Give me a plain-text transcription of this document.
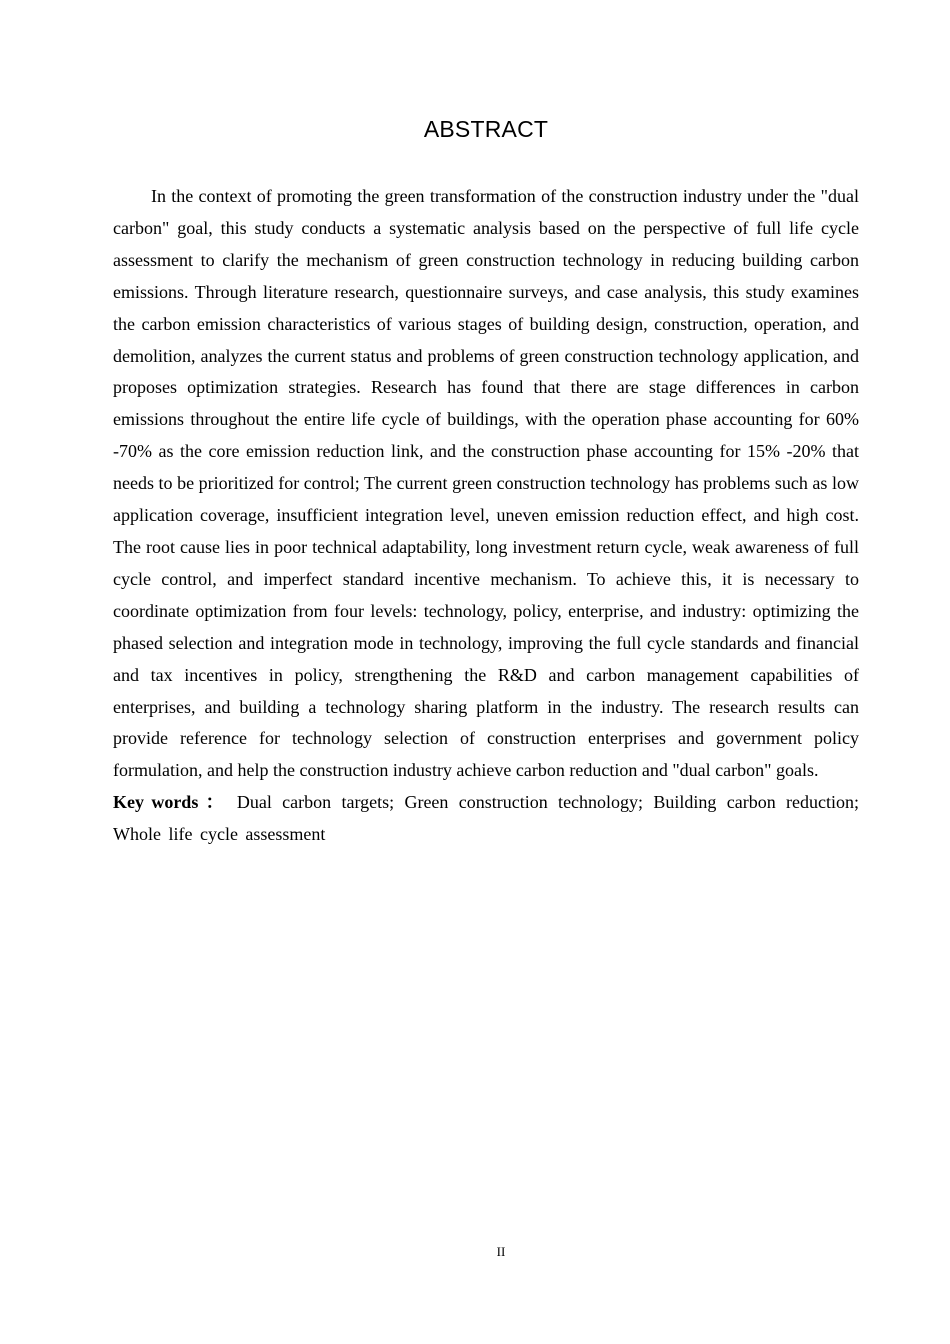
ABSTRACT

In the context of promoting the green transformation of the construction industry under the "dual carbon" goal, this study conducts a systematic analysis based on the perspective of full life cycle assessment to clarify the mechanism of green construction technology in reducing building carbon emissions. Through literature research, questionnaire surveys, and case analysis, this study examines the carbon emission characteristics of various stages of building design, construction, operation, and demolition, analyzes the current status and problems of green construction technology application, and proposes optimization strategies. Research has found that there are stage differences in carbon emissions throughout the entire life cycle of buildings, with the operation phase accounting for 60% -70% as the core emission reduction link, and the construction phase accounting for 15% -20% that needs to be prioritized for control; The current green construction technology has problems such as low application coverage, insufficient integration level, uneven emission reduction effect, and high cost. The root cause lies in poor technical adaptability, long investment return cycle, weak awareness of full cycle control, and imperfect standard incentive mechanism. To achieve this, it is necessary to coordinate optimization from four levels: technology, policy, enterprise, and industry: optimizing the phased selection and integration mode in technology, improving the full cycle standards and financial and tax incentives in policy, strengthening the R&D and carbon management capabilities of enterprises, and building a technology sharing platform in the industry. The research results can provide reference for technology selection of construction enterprises and government policy formulation, and help the construction industry achieve carbon reduction and "dual carbon" goals.

Key words ： Dual carbon targets; Green construction technology; Building carbon reduction; Whole life cycle assessment

II
